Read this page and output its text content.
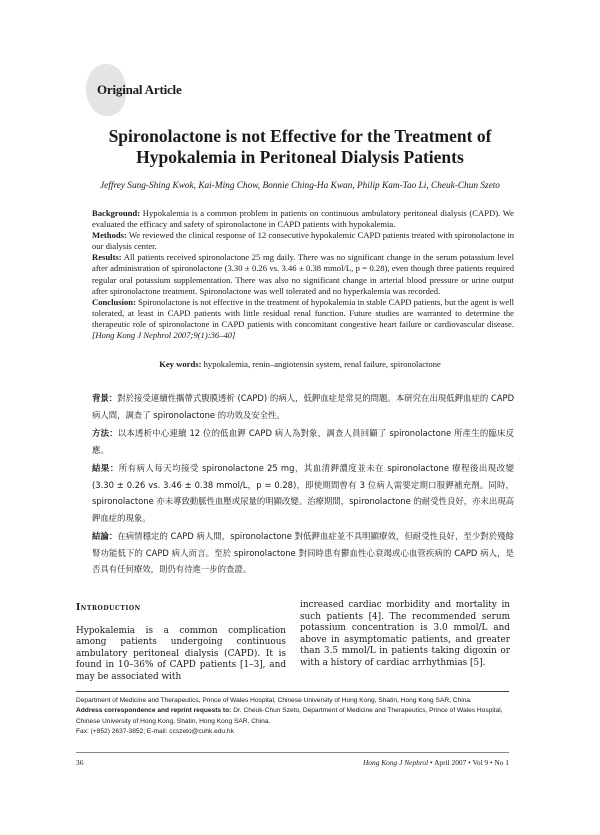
Original Article
Spironolactone is not Effective for the Treatment of
Hypokalemia in Peritoneal Dialysis Patients
Jeffrey Sung-Shing Kwok, Kai-Ming Chow, Bonnie Ching-Ha Kwan, Philip Kam-Tao Li, Cheuk-Chun Szeto

Background: Hypokalemia is a common problem in patients on continuous ambulatory peritoneal dialysis (CAPD). We evaluated the efficacy and safety of spironolactone in CAPD patients with hypokalemia.

Methods: We reviewed the clinical response of 12 consecutive hypokalemic CAPD patients treated with spironolactone in our dialysis center.

Results: All patients received spironolactone 25 mg daily. There was no significant change in the serum potassium level after administration of spironolactone (3.30 ± 0.26 vs. 3.46 ± 0.38 mmol/L, p = 0.28), even though three patients required regular oral potassium supplementation. There was also no significant change in arterial blood pressure or urine output after spironolactone treatment. Spironolactone was well tolerated and no hyperkalemia was recorded.

Conclusion: Spironolactone is not effective in the treatment of hypokalemia in stable CAPD patients, but the agent is well tolerated, at least in CAPD patients with little residual renal function. Future studies are warranted to determine the therapeutic role of spironolactone in CAPD patients with concomitant congestive heart failure or cardiovascular disease. [Hong Kong J Nephrol 2007;9(1):36–40]

Key words: hypokalemia, renin–angiotensin system, renal failure, spironolactone

背景：對於接受連續性攜帶式腹膜透析 (CAPD) 的病人，低鉀血症是常見的問題。本研究在出現低鉀血症的 CAPD 病人間，調查了 spironolactone 的功效及安全性。

方法：以本透析中心連續 12 位的低血鉀 CAPD 病人為對象，調查人員回顧了 spironolactone 所產生的臨床反應。

結果：所有病人每天均接受 spironolactone 25 mg，其血清鉀濃度並未在 spironolactone 療程後出現改變 (3.30 ± 0.26 vs. 3.46 ± 0.38 mmol/L，p = 0.28)，即使期間曾有 3 位病人需要定期口服鉀補充劑。同時，spironolactone 亦未導致動脈性血壓或尿量的明顯改變。治療期間，spironolactone 的耐受性良好，亦未出現高鉀血症的現象。

結論：在病情穩定的 CAPD 病人間，spironolactone 對低鉀血症並不具明顯療效，但耐受性良好，至少對於殘餘腎功能低下的 CAPD 病人而言。至於 spironolactone 對同時患有鬱血性心衰竭或心血管疾病的 CAPD 病人，是否具有任何療效，則仍有待進一步的查證。

Introduction

Hypokalemia is a common complication among patients undergoing continuous ambulatory peritoneal dialysis (CAPD). It is found in 10–36% of CAPD patients [1–3], and may be associated with

increased cardiac morbidity and mortality in such patients [4]. The recommended serum potassium concentration is 3.0 mmol/L and above in asymptomatic patients, and greater than 3.5 mmol/L in patients taking digoxin or with a history of cardiac arrhythmias [5].

Department of Medicine and Therapeutics, Prince of Wales Hospital, Chinese University of Hong Kong, Shatin, Hong Kong SAR, China.

Address correspondence and reprint requests to: Dr. Cheuk-Chun Szeto, Department of Medicine and Therapeutics, Prince of Wales Hospital, Chinese University of Hong Kong, Shatin, Hong Kong SAR, China.

Fax: (+852) 2637-3852; E-mail: ccszeto@cuhk.edu.hk

36	Hong Kong J Nephrol • April 2007 • Vol 9 • No 1
